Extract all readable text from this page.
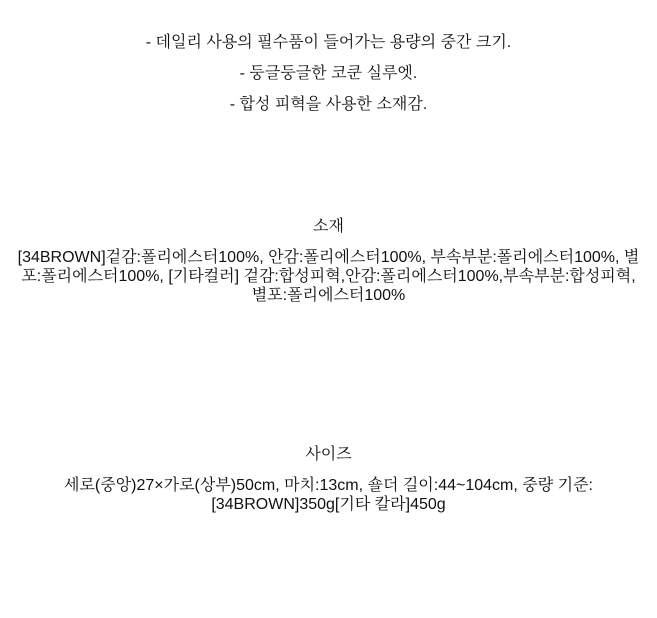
- 데일리 사용의 필수품이 들어가는 용량의 중간 크기.

- 둥글둥글한 코쿤 실루엣.

- 합성 피혁을 사용한 소재감.

소재

[34BROWN]겉감:폴리에스터100%, 안감:폴리에스터100%, 부속부분:폴리에스터100%, 별포:폴리에스터100%, [기타컬러] 겉감:합성피혁,안감:폴리에스터100%,부속부분:합성피혁,별포:폴리에스터100%

사이즈

세로(중앙)27×가로(상부)50cm, 마치:13cm, 숄더 길이:44~104cm, 중량 기준: [34BROWN]350g[기타 칼라]450g
